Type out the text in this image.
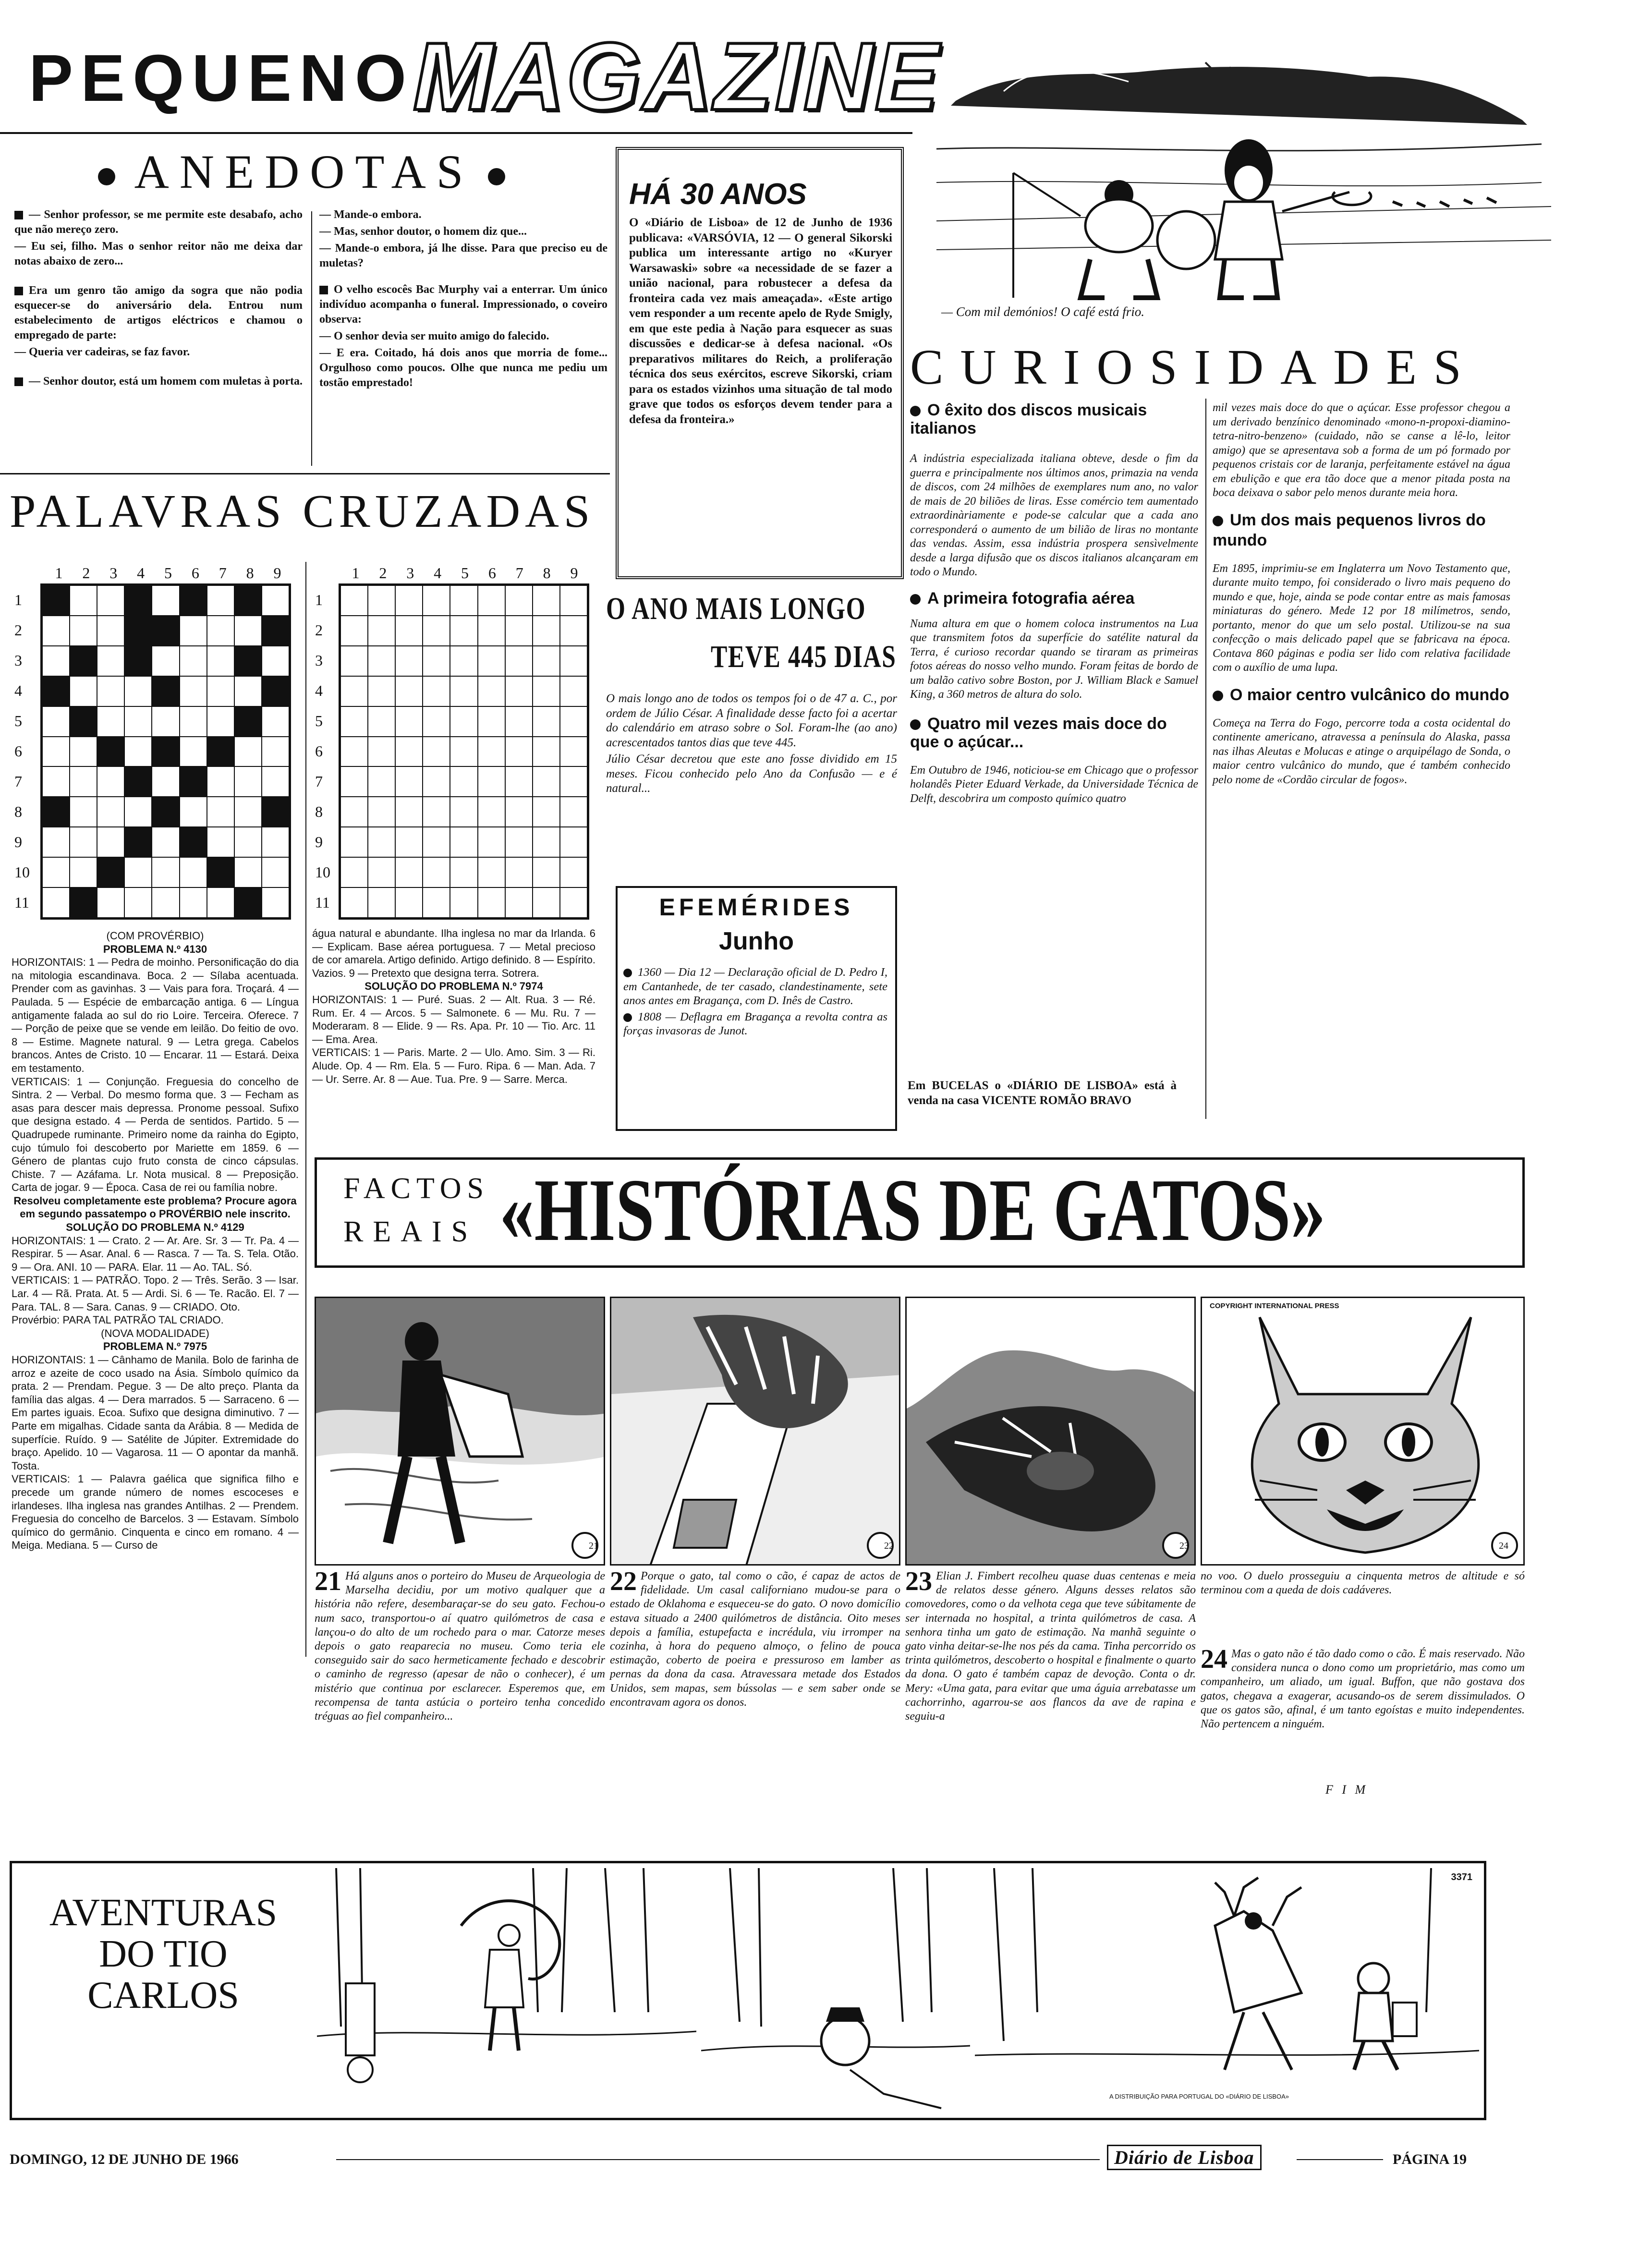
PEQUENO
MAGAZINE
— Com mil demónios! O café está frio.
ANEDOTAS

— Senhor professor, se me permite este desabafo, acho que não mereço zero.

— Eu sei, filho. Mas o senhor reitor não me deixa dar notas abaixo de zero...

Era um genro tão amigo da sogra que não podia esquecer-se do aniversário dela. Entrou num estabelecimento de artigos eléctricos e chamou o empregado de parte:

— Queria ver cadeiras, se faz favor.

— Senhor doutor, está um homem com muletas à porta.

— Mande-o embora.

— Mas, senhor doutor, o homem diz que...

— Mande-o embora, já lhe disse. Para que preciso eu de muletas?

O velho escocês Bac Murphy vai a enterrar. Um único indivíduo acompanha o funeral. Impressionado, o coveiro observa:

— O senhor devia ser muito amigo do falecido.

— E era. Coitado, há dois anos que morria de fome... Orgulhoso como poucos. Olhe que nunca me pediu um tostão emprestado!

HÁ 30 ANOS
O «Diário de Lisboa» de 12 de Junho de 1936 publicava: «VARSÓVIA, 12 — O general Sikorski publica um interessante artigo no «Kuryer Warsawaski» sobre «a necessidade de se fazer a união nacional, para robustecer a defesa da fronteira cada vez mais ameaçada». «Este artigo vem responder a um recente apelo de Ryde Smigly, em que este pedia à Nação para esquecer as suas discussões e dedicar-se à defesa nacional. «Os preparativos militares do Reich, a proliferação técnica dos seus exércitos, escreve Sikorski, criam para os estados vizinhos uma situação de tal modo grave que todos os esforços devem tender para a defesa da fronteira.»
PALAVRAS CRUZADAS
1 2 3 4 5 6 7 8 9
1
2
3
4
5
6
7
8
9
10
11
1 2 3 4 5 6 7 8 9
1
2
3
4
5
6
7
8
9
10
11

(COM PROVÉRBIO)

PROBLEMA N.º 4130

HORIZONTAIS: 1 — Pedra de moinho. Personificação do dia na mitologia escandinava. Boca. 2 — Sílaba acentuada. Prender com as gavinhas. 3 — Vais para fora. Troçará. 4 — Paulada. 5 — Espécie de embarcação antiga. 6 — Língua antigamente falada ao sul do rio Loire. Terceira. Oferece. 7 — Porção de peixe que se vende em leilão. Do feitio de ovo. 8 — Estime. Magnete natural. 9 — Letra grega. Cabelos brancos. Antes de Cristo. 10 — Encarar. 11 — Estará. Deixa em testamento.

VERTICAIS: 1 — Conjunção. Freguesia do concelho de Sintra. 2 — Verbal. Do mesmo forma que. 3 — Fecham as asas para descer mais depressa. Pronome pessoal. Sufixo que designa estado. 4 — Perda de sentidos. Partido. 5 — Quadrupede ruminante. Primeiro nome da rainha do Egipto, cujo túmulo foi descoberto por Mariette em 1859. 6 — Género de plantas cujo fruto consta de cinco cápsulas. Chiste. 7 — Azáfama. Lr. Nota musical. 8 — Preposição. Carta de jogar. 9 — Época. Casa de rei ou família nobre.

Resolveu completamente este problema? Procure agora em segundo passatempo o PROVÉRBIO nele inscrito.

SOLUÇÃO DO PROBLEMA N.º 4129

HORIZONTAIS: 1 — Crato. 2 — Ar. Are. Sr. 3 — Tr. Pa. 4 — Respirar. 5 — Asar. Anal. 6 — Rasca. 7 — Ta. S. Tela. Otão. 9 — Ora. ANI. 10 — PARA. Elar. 11 — Ao. TAL. Só.

VERTICAIS: 1 — PATRÃO. Topo. 2 — Três. Serão. 3 — Isar. Lar. 4 — Rã. Prata. At. 5 — Ardi. Si. 6 — Te. Racão. El. 7 — Para. TAL. 8 — Sara. Canas. 9 — CRIADO. Oto.

Provérbio: PARA TAL PATRÃO TAL CRIADO.

(NOVA MODALIDADE)

PROBLEMA N.º 7975

HORIZONTAIS: 1 — Cânhamo de Manila. Bolo de farinha de arroz e azeite de coco usado na Ásia. Símbolo químico da prata. 2 — Prendam. Pegue. 3 — De alto preço. Planta da família das algas. 4 — Dera marrados. 5 — Sarraceno. 6 — Em partes iguais. Ecoa. Sufixo que designa diminutivo. 7 — Parte em migalhas. Cidade santa da Arábia. 8 — Medida de superfície. Ruído. 9 — Satélite de Júpiter. Extremidade do braço. Apelido. 10 — Vagarosa. 11 — O apontar da manhã. Tosta.

VERTICAIS: 1 — Palavra gaélica que significa filho e precede um grande número de nomes escoceses e irlandeses. Ilha inglesa nas grandes Antilhas. 2 — Prendem. Freguesia do concelho de Barcelos. 3 — Estavam. Símbolo químico do germânio. Cinquenta e cinco em romano. 4 — Meiga. Mediana. 5 — Curso de

água natural e abundante. Ilha inglesa no mar da Irlanda. 6 — Explicam. Base aérea portuguesa. 7 — Metal precioso de cor amarela. Artigo definido. Artigo definido. 8 — Espírito. Vazios. 9 — Pretexto que designa terra. Sotrera.

SOLUÇÃO DO PROBLEMA N.º 7974

HORIZONTAIS: 1 — Puré. Suas. 2 — Alt. Rua. 3 — Ré. Rum. Er. 4 — Arcos. 5 — Salmonete. 6 — Mu. Ru. 7 — Moderaram. 8 — Elide. 9 — Rs. Apa. Pr. 10 — Tio. Arc. 11 — Ema. Area.

VERTICAIS: 1 — Paris. Marte. 2 — Ulo. Amo. Sim. 3 — Ri. Alude. Op. 4 — Rm. Ela. 5 — Furo. Ripa. 6 — Man. Ada. 7 — Ur. Serre. Ar. 8 — Aue. Tua. Pre. 9 — Sarre. Merca.

O ANO MAIS LONGO
TEVE 445 DIAS

O mais longo ano de todos os tempos foi o de 47 a. C., por ordem de Júlio César. A finalidade desse facto foi a acertar do calendário em atraso sobre o Sol. Foram-lhe (ao ano) acrescentados tantos dias que teve 445.

Júlio César decretou que este ano fosse dividido em 15 meses. Ficou conhecido pelo Ano da Confusão — e é natural...

EFEMÉRIDES
Junho

1360 — Dia 12 — Declaração oficial de D. Pedro I, em Cantanhede, de ter casado, clandestinamente, sete anos antes em Bragança, com D. Inês de Castro.

1808 — Deflagra em Bragança a revolta contra as forças invasoras de Junot.

Em BUCELAS o «DIÁRIO DE LISBOA» está à venda na casa VICENTE ROMÃO BRAVO
CURIOSIDADES

O êxito dos discos musicais italianos

A indústria especializada italiana obteve, desde o fim da guerra e principalmente nos últimos anos, primazia na venda de discos, com 24 milhões de exemplares num ano, no valor de mais de 20 biliões de liras. Esse comércio tem aumentado extraordinàriamente e pode-se calcular que a cada ano corresponderá o aumento de um bilião de liras no montante das vendas. Assim, essa indústria prospera sensìvelmente desde a larga difusão que os discos italianos alcançaram em todo o Mundo.

A primeira fotografia aérea

Numa altura em que o homem coloca instrumentos na Lua que transmitem fotos da superfície do satélite natural da Terra, é curioso recordar quando se tiraram as primeiras fotos aéreas do nosso velho mundo. Foram feitas de bordo de um balão cativo sobre Boston, por J. William Black e Samuel King, a 360 metros de altura do solo.

Quatro mil vezes mais doce do que o açúcar...

Em Outubro de 1946, noticiou-se em Chicago que o professor holandês Pieter Eduard Verkade, da Universidade Técnica de Delft, descobrira um composto químico quatro

mil vezes mais doce do que o açúcar. Esse professor chegou a um derivado benzínico denominado «mono-n-propoxi-diamino-tetra-nitro-benzeno» (cuidado, não se canse a lê-lo, leitor amigo) que se apresentava sob a forma de um pó formado por pequenos cristais cor de laranja, perfeitamente estável na água em ebulição e que era tão doce que a menor pitada posta na boca deixava o sabor pelo menos durante meia hora.

Um dos mais pequenos livros do mundo

Em 1895, imprimiu-se em Inglaterra um Novo Testamento que, durante muito tempo, foi considerado o livro mais pequeno do mundo e que, hoje, ainda se pode contar entre as mais famosas miniaturas do género. Mede 12 por 18 milímetros, sendo, portanto, menor do que um selo postal. Utilizou-se na sua confecção o mais delicado papel que se fabricava na época. Contava 860 páginas e podia ser lido com relativa facilidade com o auxílio de uma lupa.

O maior centro vulcânico do mundo

Começa na Terra do Fogo, percorre toda a costa ocidental do continente americano, atravessa a península do Alaska, passa nas ilhas Aleutas e Molucas e atinge o arquipélago de Sonda, o maior centro vulcânico do mundo, que é também conhecido pelo nome de «Cordão circular de fogos».

FACTOS
REAIS «HISTÓRIAS DE GATOS»
COPYRIGHT INTERNATIONAL PRESS
21	22	23	24
21 Há alguns anos o porteiro do Museu de Arqueologia de Marselha decidiu, por um motivo qualquer que a história não refere, desembaraçar-se do seu gato. Fechou-o num saco, transportou-o aí quatro quilómetros de casa e lançou-o do alto de um rochedo para o mar. Catorze meses depois o gato reaparecia no museu. Como teria ele conseguido sair do saco hermeticamente fechado e descobrir o caminho de regresso (apesar de não o conhecer), é um mistério que continua por esclarecer. Esperemos que, em recompensa de tanta astúcia o porteiro tenha concedido tréguas ao fiel companheiro...
22 Porque o gato, tal como o cão, é capaz de actos de fidelidade. Um casal californiano mudou-se para o estado de Oklahoma e esqueceu-se do gato. O novo domicílio estava situado a 2400 quilómetros de distância. Oito meses depois a família, estupefacta e incrédula, viu irromper na cozinha, à hora do pequeno almoço, o felino de pouca estimação, coberto de poeira e pressuroso em lamber as pernas da dona da casa. Atravessara metade dos Estados Unidos, sem mapas, sem bússolas — e sem saber onde se encontravam agora os donos.
23 Elian J. Fimbert recolheu quase duas centenas e meia de relatos desse género. Alguns desses relatos são comovedores, como o da velhota cega que teve súbitamente de ser internada no hospital, a trinta quilómetros de casa. A senhora tinha um gato de estimação. Na manhã seguinte o gato vinha deitar-se-lhe nos pés da cama. Tinha percorrido os trinta quilómetros, descoberto o hospital e finalmente o quarto da dona. O gato é também capaz de devoção. Conta o dr. Mery: «Uma gata, para evitar que uma águia arrebatasse um cachorrinho, agarrou-se aos flancos da ave de rapina e seguiu-a
no voo. O duelo prosseguiu a cinquenta metros de altitude e só terminou com a queda de dois cadáveres.
24 Mas o gato não é tão dado como o cão. É mais reservado. Não considera nunca o dono como um proprietário, mas como um companheiro, um aliado, um igual. Buffon, que não gostava dos gatos, chegava a exagerar, acusando-os de serem dissimulados. O que os gatos são, afinal, é um tanto egoístas e muito independentes. Não pertencem a ninguém.
F I M
AVENTURAS DO TIO CARLOS
3371
A DISTRIBUIÇÃO PARA PORTUGAL DO «DIÁRIO DE LISBOA»
DOMINGO, 12 DE JUNHO DE 1966	Diário de Lisboa	PÁGINA 19
